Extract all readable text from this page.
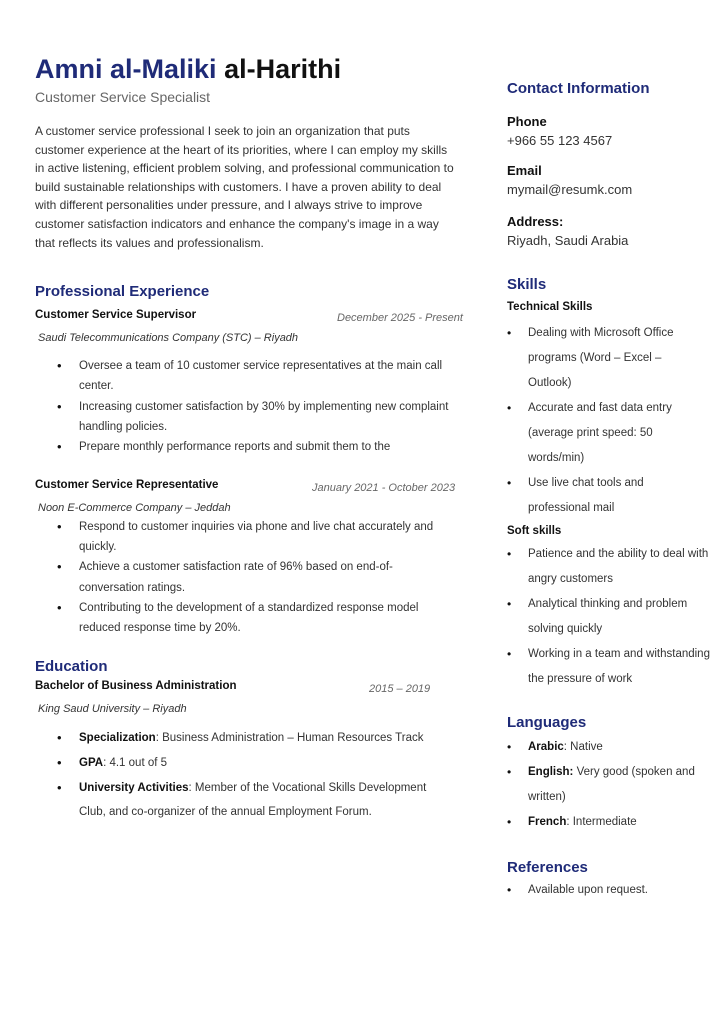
Amni al-Maliki al-Harithi
Customer Service Specialist

A customer service professional I seek to join an organization that puts customer experience at the heart of its priorities, where I can employ my skills in active listening, efficient problem solving, and professional communication to build sustainable relationships with customers. I have a proven ability to deal with different personalities under pressure, and I always strive to improve customer satisfaction indicators and enhance the company's image in a way that reflects its values and professionalism.

Professional Experience
Customer Service Supervisor	December 2025 - Present
Saudi Telecommunications Company (STC) – Riyadh
• Oversee a team of 10 customer service representatives at the main call center.
• Increasing customer satisfaction by 30% by implementing new complaint handling policies.
• Prepare monthly performance reports and submit them to the
Customer Service Representative	January 2021 - October 2023
Noon E-Commerce Company – Jeddah
• Respond to customer inquiries via phone and live chat accurately and quickly.
• Achieve a customer satisfaction rate of 96% based on end-of-conversation ratings.
• Contributing to the development of a standardized response model reduced response time by 20%.
Education
Bachelor of Business Administration	2015 – 2019
King Saud University – Riyadh
• Specialization: Business Administration – Human Resources Track
• GPA: 4.1 out of 5
• University Activities: Member of the Vocational Skills Development Club, and co-organizer of the annual Employment Forum.
Contact Information
Phone
+966 55 123 4567
Email
mymail@resumk.com
Address:
Riyadh, Saudi Arabia
Skills
Technical Skills
• Dealing with Microsoft Office programs (Word – Excel – Outlook)
• Accurate and fast data entry (average print speed: 50 words/min)
• Use live chat tools and professional mail
Soft skills
• Patience and the ability to deal with angry customers
• Analytical thinking and problem solving quickly
• Working in a team and withstanding the pressure of work
Languages
• Arabic: Native
• English: Very good (spoken and written)
• French: Intermediate
References
• Available upon request.
